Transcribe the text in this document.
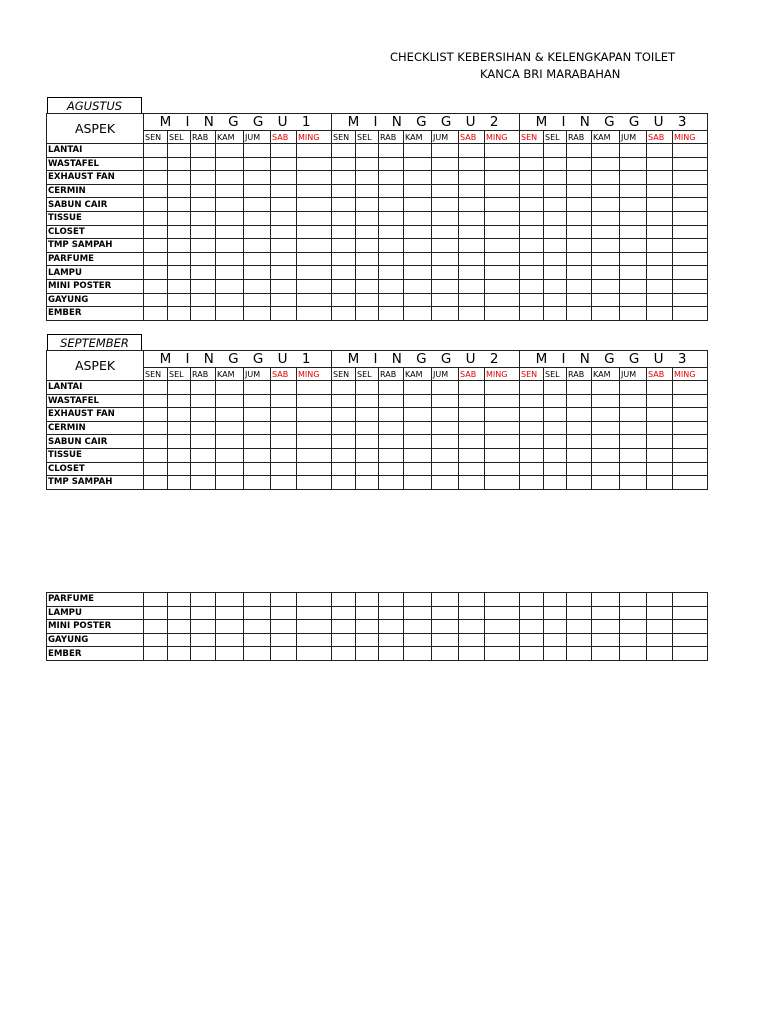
CHECKLIST KEBERSIHAN & KELENGKAPAN TOILET
KANCA BRI MARABAHAN
AGUSTUS
ASPEK	M I N G G U 1							M I N G G U 2							M I N G G U 3						
	SEN	SEL	RAB	KAM	JUM	SAB	MING	SEN	SEL	RAB	KAM	JUM	SAB	MING	SEN	SEL	RAB	KAM	JUM	SAB	MING
LANTAI																					
WASTAFEL																					
EXHAUST FAN																					
CERMIN																					
SABUN CAIR																					
TISSUE																					
CLOSET																					
TMP SAMPAH																					
PARFUME																					
LAMPU																					
MINI POSTER																					
GAYUNG																					
EMBER																					
SEPTEMBER
ASPEK	M I N G G U 1							M I N G G U 2							M I N G G U 3						
	SEN	SEL	RAB	KAM	JUM	SAB	MING	SEN	SEL	RAB	KAM	JUM	SAB	MING	SEN	SEL	RAB	KAM	JUM	SAB	MING
LANTAI																					
WASTAFEL																					
EXHAUST FAN																					
CERMIN																					
SABUN CAIR																					
TISSUE																					
CLOSET																					
TMP SAMPAH																					
PARFUME																					
LAMPU																					
MINI POSTER																					
GAYUNG																					
EMBER																					
